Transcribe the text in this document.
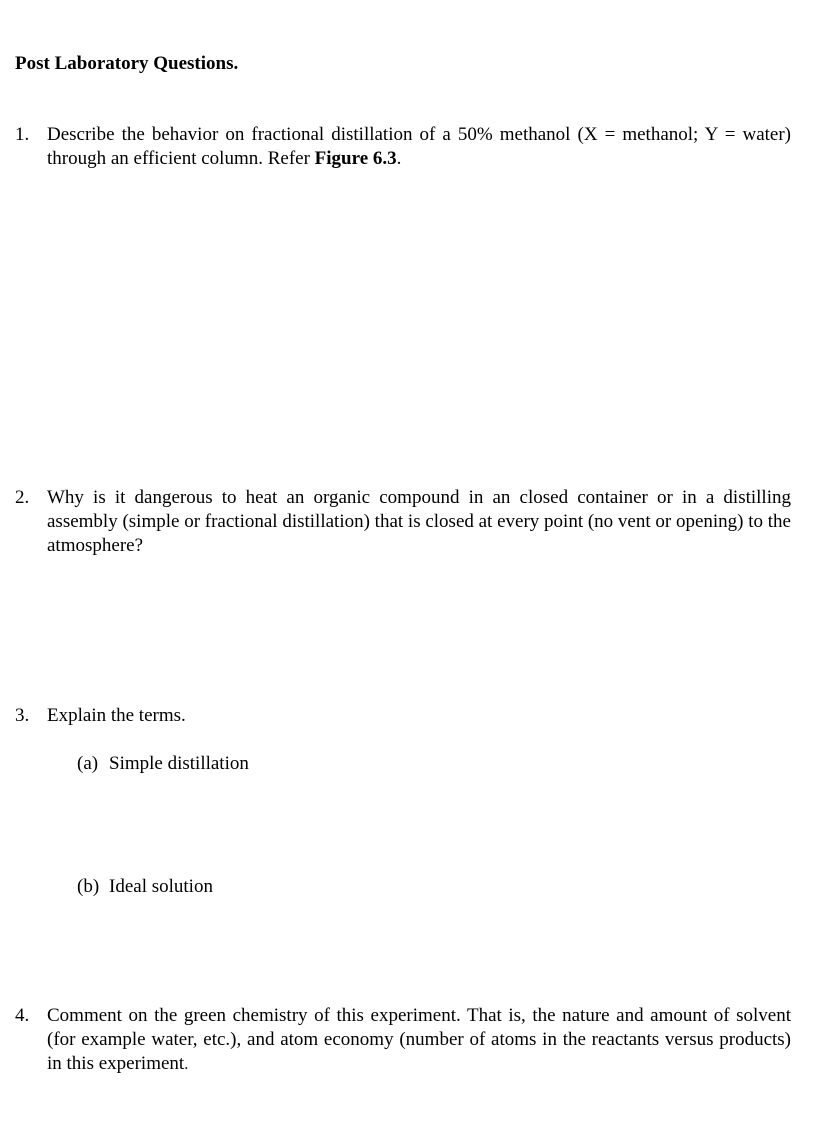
Post Laboratory Questions.
1. Describe the behavior on fractional distillation of a 50% methanol (X = methanol; Y = water) through an efficient column. Refer Figure 6.3.
2. Why is it dangerous to heat an organic compound in an closed container or in a distilling assembly (simple or fractional distillation) that is closed at every point (no vent or opening) to the atmosphere?
3. Explain the terms.
(a) Simple distillation
(b) Ideal solution
4. Comment on the green chemistry of this experiment. That is, the nature and amount of solvent (for example water, etc.), and atom economy (number of atoms in the reactants versus products) in this experiment.
